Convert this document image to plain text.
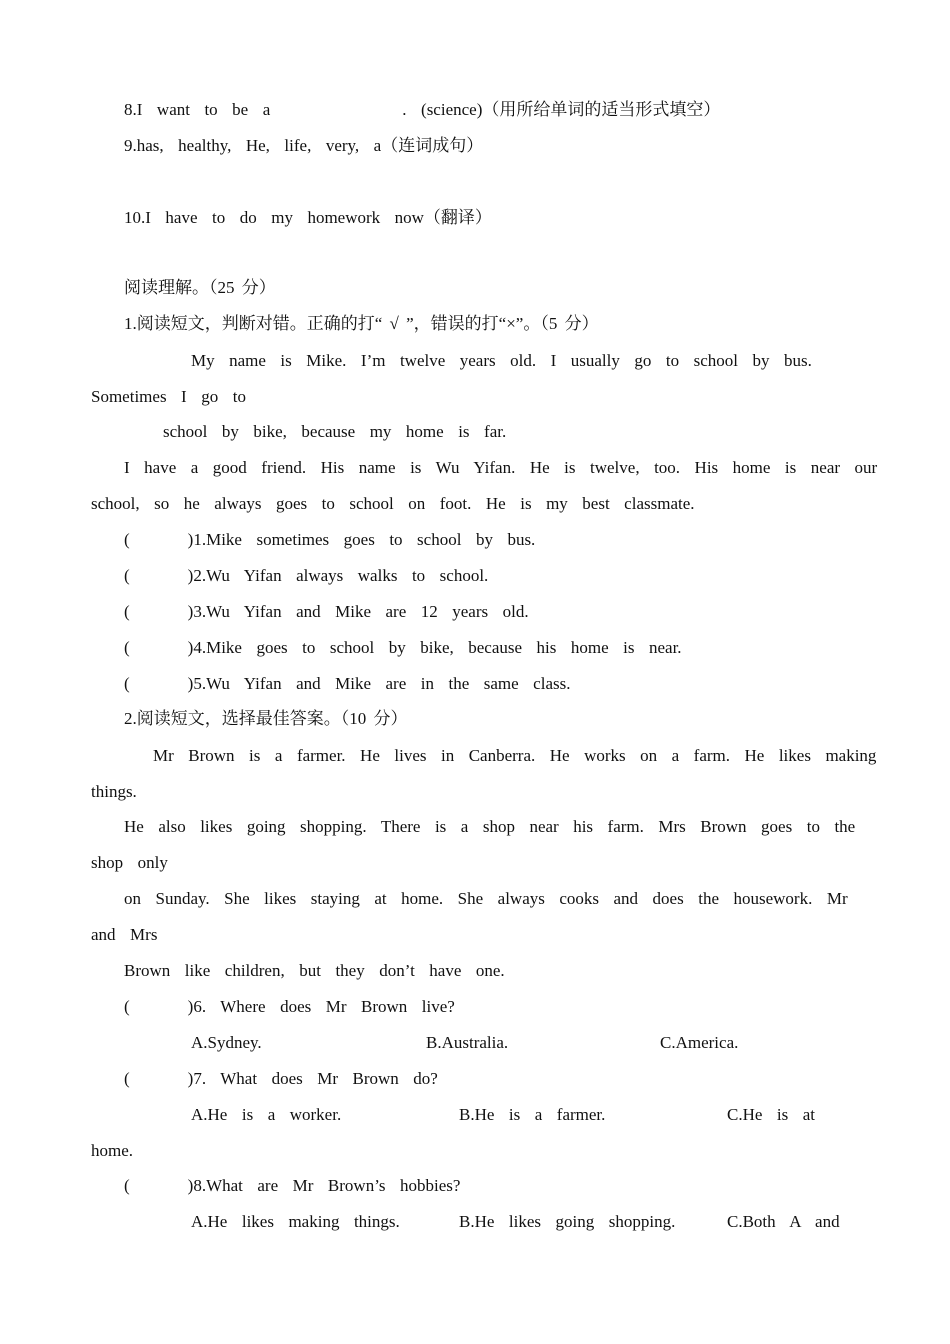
8.I  want  to  be  a	.  (science)（用所给单词的适当形式填空）
9.has,  healthy,  He,  life,  very,  a（连词成句）
10.I  have  to  do  my  homework  now（翻译）
阅读理解。（25 分）
1.阅读短文，判断对错。正确的打“ √ ”，错误的打“×”。（5 分）
My  name  is  Mike.  I’m  twelve  years  old.  I  usually  go  to  school  by  bus.
Sometimes  I  go  to
school  by  bike,  because  my  home  is  far.
I  have  a  good  friend.  His  name  is  Wu  Yifan.  He  is  twelve,  too.  His  home  is  near  our
school,  so  he  always  goes  to  school  on  foot.  He  is  my  best  classmate.
(        )1.Mike  sometimes  goes  to  school  by  bus.
(        )2.Wu  Yifan  always  walks  to  school.
(        )3.Wu  Yifan  and  Mike  are  12  years  old.
(        )4.Mike  goes  to  school  by  bike,  because  his  home  is  near.
(        )5.Wu  Yifan  and  Mike  are  in  the  same  class.
2.阅读短文，选择最佳答案。（10 分）
Mr  Brown  is  a  farmer.  He  lives  in  Canberra.  He  works  on  a  farm.  He  likes  making
things.
He  also  likes  going  shopping.  There  is  a  shop  near  his  farm.  Mrs  Brown  goes  to  the
shop  only
on  Sunday.  She  likes  staying  at  home.  She  always  cooks  and  does  the  housework.  Mr
and  Mrs
Brown  like  children,  but  they  don’t  have  one.
(        )6.  Where  does  Mr  Brown  live?
A.Sydney.	B.Australia.	C.America.
(        )7.  What  does  Mr  Brown  do?
A.He  is  a  worker.	B.He  is  a  farmer.	C.He  is  at
home.
(        )8.What  are  Mr  Brown’s  hobbies?
A.He  likes  making  things.	B.He  likes  going  shopping.	C.Both  A  and
